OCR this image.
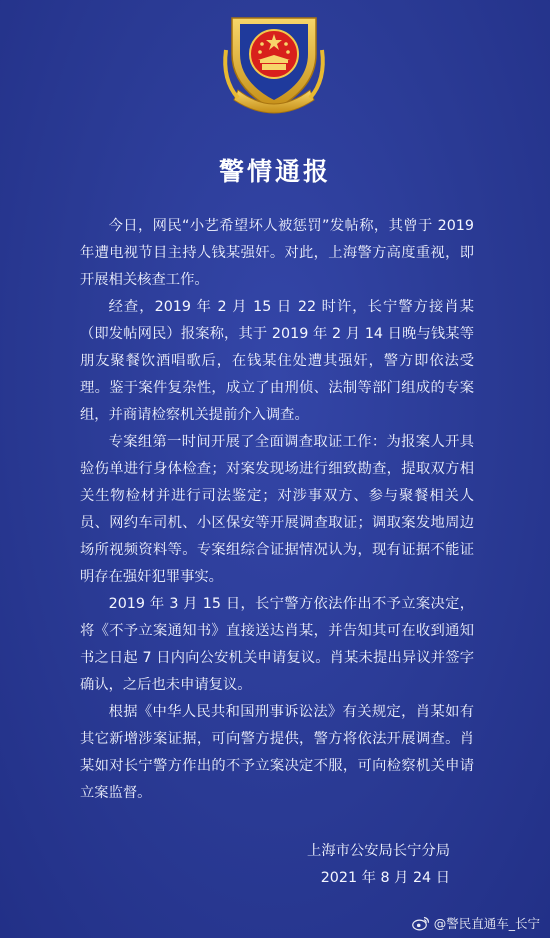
警情通报

今日，网民“小艺希望坏人被惩罚”发帖称，其曾于 2019 年遭电视节目主持人钱某强奸。对此，上海警方高度重视，即开展相关核查工作。

经查，2019 年 2 月 15 日 22 时许，长宁警方接肖某（即发帖网民）报案称，其于 2019 年 2 月 14 日晚与钱某等朋友聚餐饮酒唱歌后，在钱某住处遭其强奸，警方即依法受理。鉴于案件复杂性，成立了由刑侦、法制等部门组成的专案组，并商请检察机关提前介入调查。

专案组第一时间开展了全面调查取证工作：为报案人开具验伤单进行身体检查；对案发现场进行细致勘查，提取双方相关生物检材并进行司法鉴定；对涉事双方、参与聚餐相关人员、网约车司机、小区保安等开展调查取证；调取案发地周边场所视频资料等。专案组综合证据情况认为，现有证据不能证明存在强奸犯罪事实。

2019 年 3 月 15 日，长宁警方依法作出不予立案决定，将《不予立案通知书》直接送达肖某，并告知其可在收到通知书之日起 7 日内向公安机关申请复议。肖某未提出异议并签字确认，之后也未申请复议。

根据《中华人民共和国刑事诉讼法》有关规定，肖某如有其它新增涉案证据，可向警方提供，警方将依法开展调查。肖某如对长宁警方作出的不予立案决定不服，可向检察机关申请立案监督。

上海市公安局长宁分局
2021 年 8 月 24 日
@警民直通车_长宁
